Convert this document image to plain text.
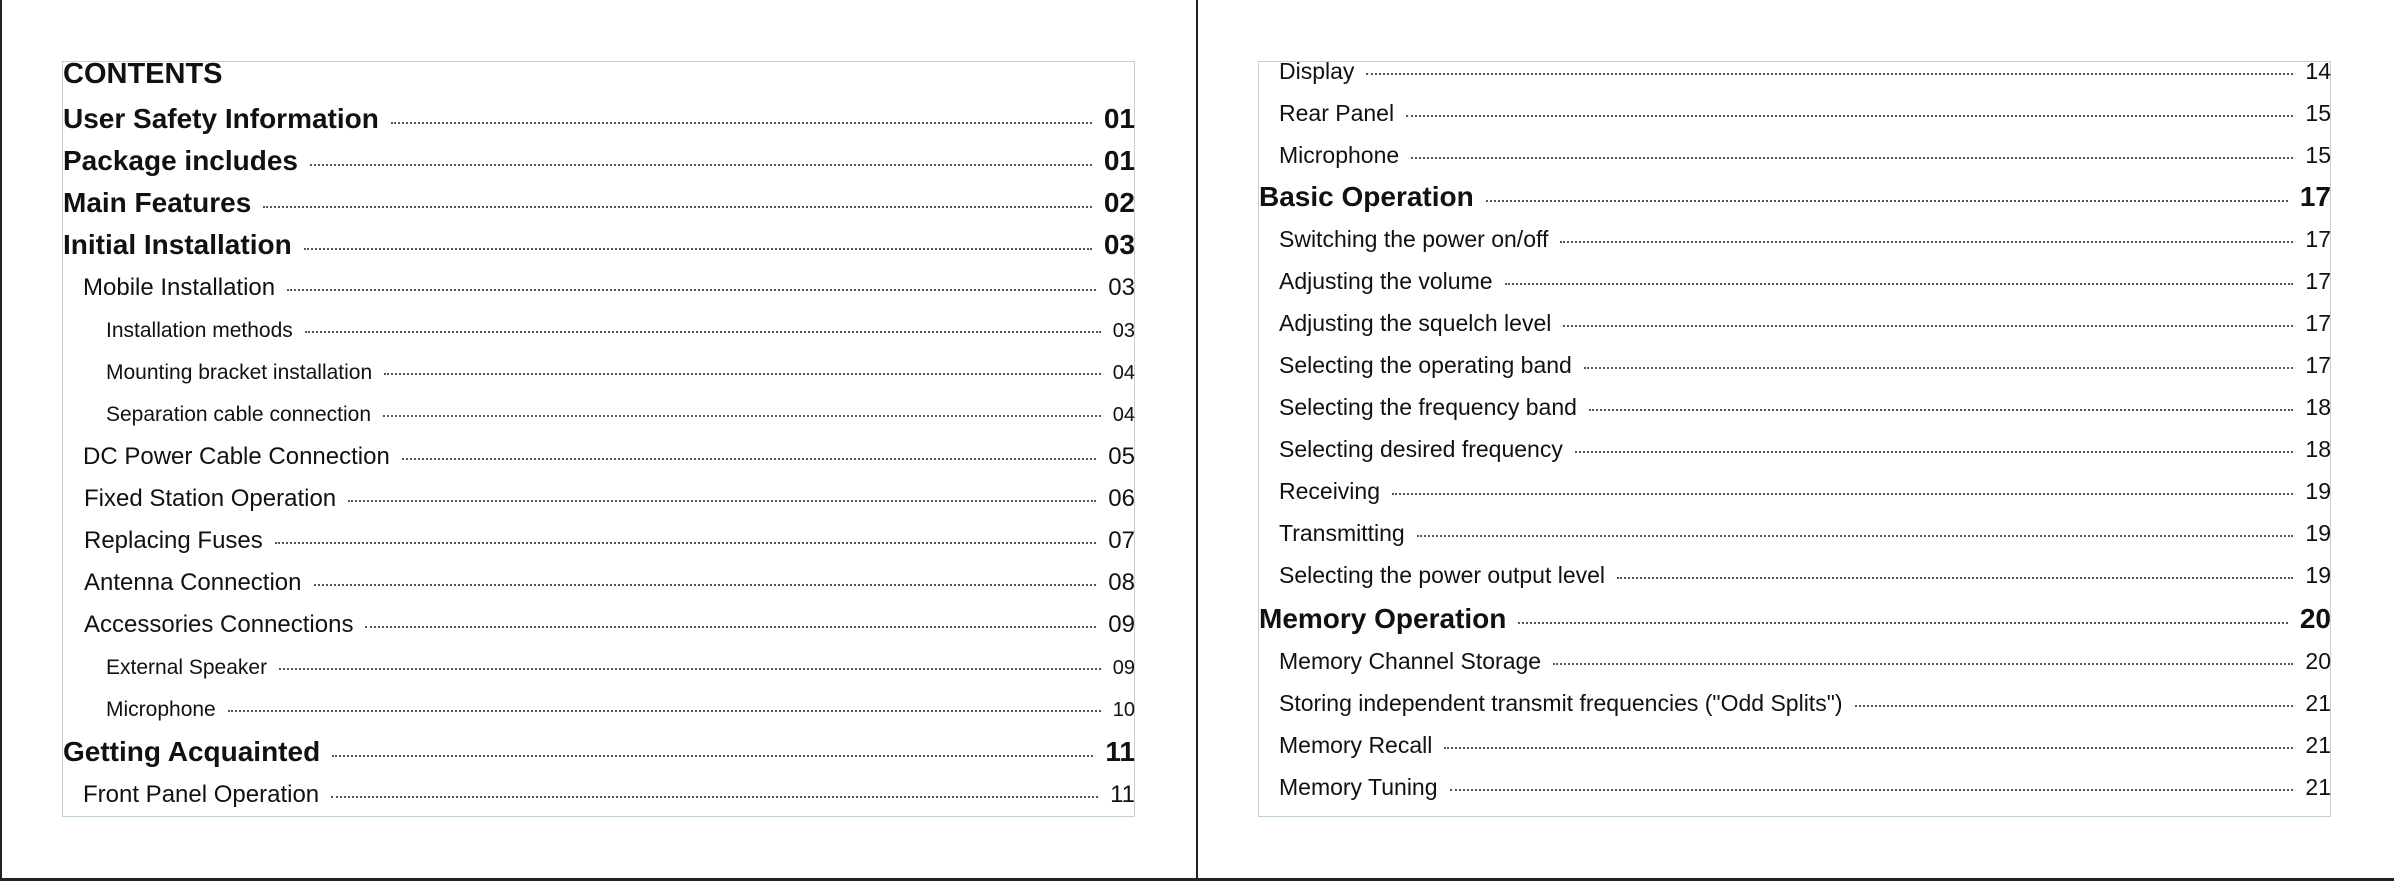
CONTENTS
User Safety Information	01
Package includes	01
Main Features	02
Initial Installation	03
Mobile Installation	03
Installation methods	03
Mounting bracket installation	04
Separation cable connection	04
DC Power Cable Connection	05
Fixed Station Operation	06
Replacing Fuses	07
Antenna Connection	08
Accessories Connections	09
External Speaker	09
Microphone	10
Getting Acquainted	11
Front Panel Operation	11
Display	14
Rear Panel	15
Microphone	15
Basic Operation	17
Switching the power on/off	17
Adjusting the volume	17
Adjusting the squelch level	17
Selecting the operating band	17
Selecting the frequency band	18
Selecting desired frequency	18
Receiving	19
Transmitting	19
Selecting the power output level	19
Memory Operation	20
Memory Channel Storage	20
Storing independent transmit frequencies ("Odd Splits")	21
Memory Recall	21
Memory Tuning	21
